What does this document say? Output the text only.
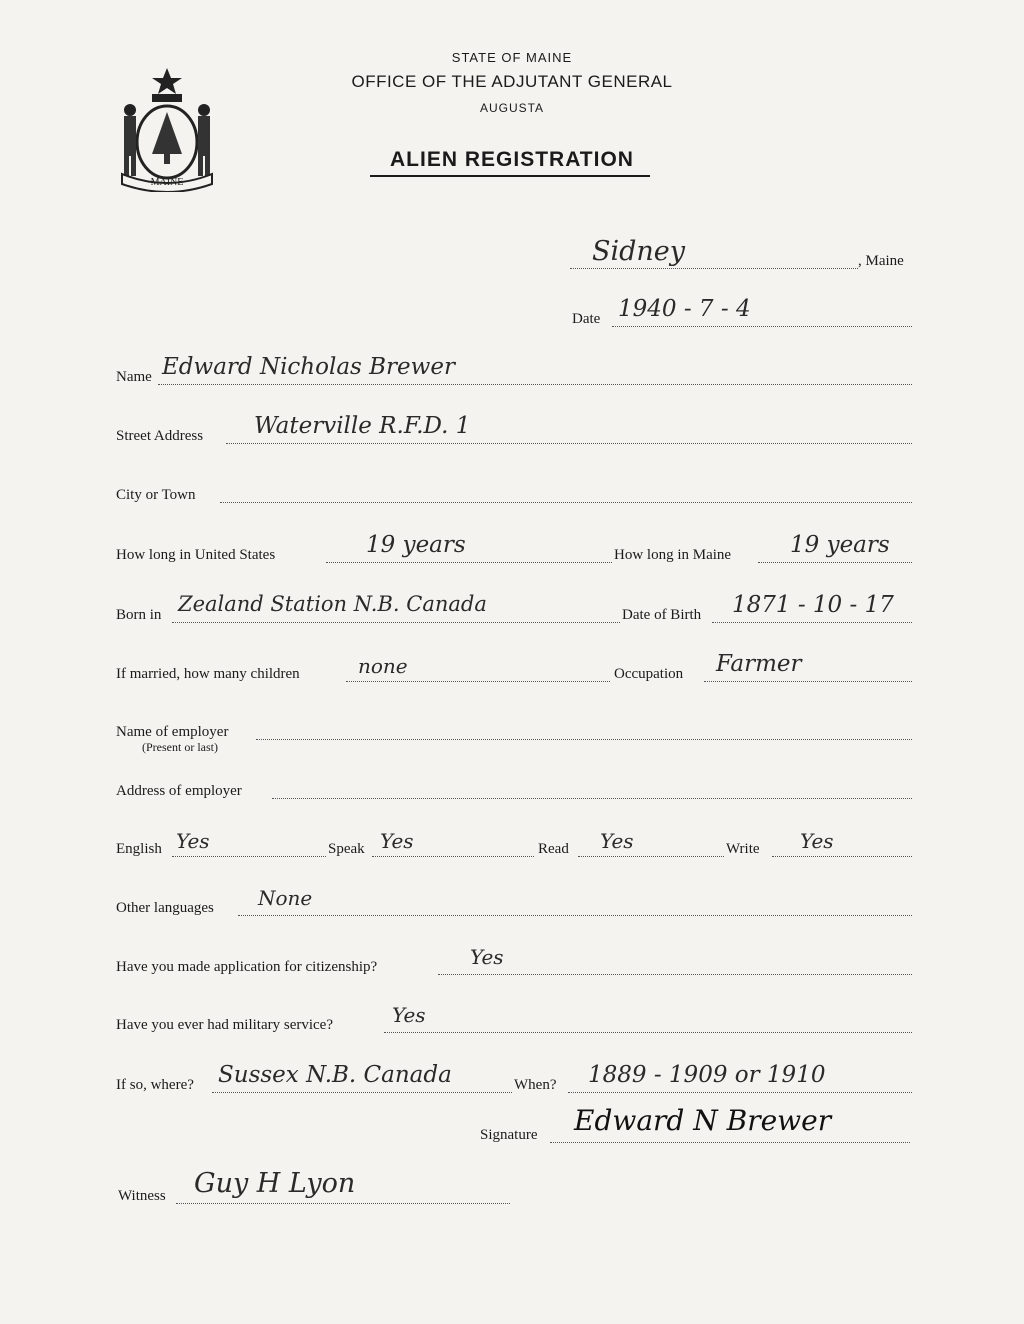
MAINE
STATE OF MAINE
OFFICE OF THE ADJUTANT GENERAL
AUGUSTA
ALIEN REGISTRATION
Sidney	, Maine
Date 1940 - 7 - 4
Name Edward Nicholas Brewer
Street Address Waterville R.F.D. 1
City or Town
How long in United States	19 years	How long in Maine	19 years
Born in Zealand Station N.B. Canada	Date of Birth 1871 - 10 - 17
If married, how many children	none	Occupation Farmer
Name of employer
(Present or last)
Address of employer
English Yes	Speak Yes	Read Yes	Write Yes
Other languages None
Have you made application for citizenship?	Yes
Have you ever had military service?	Yes
If so, where? Sussex N.B. Canada	When? 1889 - 1909 or 1910
Signature Edward N Brewer
Witness Guy H Lyon
